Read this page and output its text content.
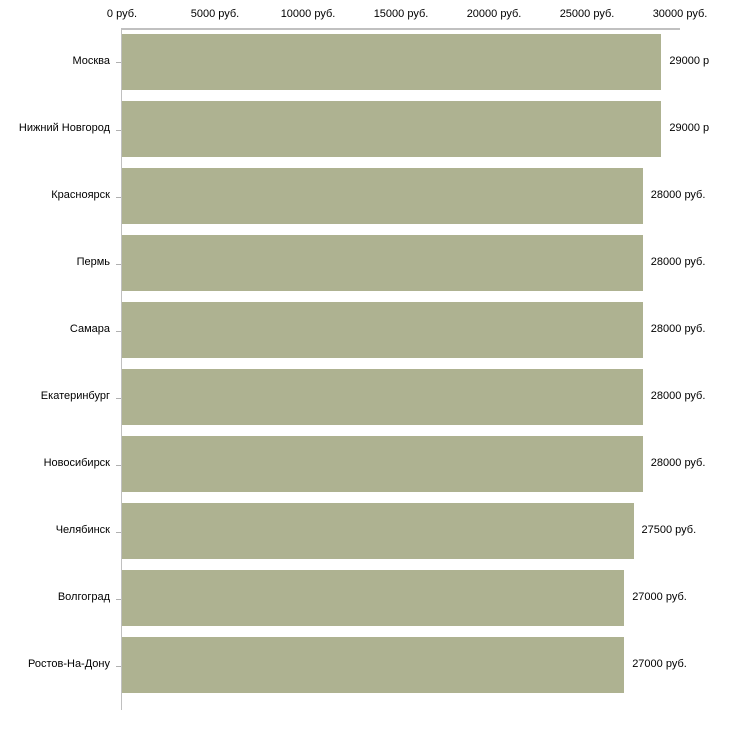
0 руб.	5000 руб.	10000 руб.	15000 руб.	20000 руб.	25000 руб.	30000 руб.
Москва	29000 р
Нижний Новгород	29000 р
Красноярск	28000 руб.
Пермь	28000 руб.
Самара	28000 руб.
Екатеринбург	28000 руб.
Новосибирск	28000 руб.
Челябинск	27500 руб.
Волгоград	27000 руб.
Ростов-На-Дону	27000 руб.
